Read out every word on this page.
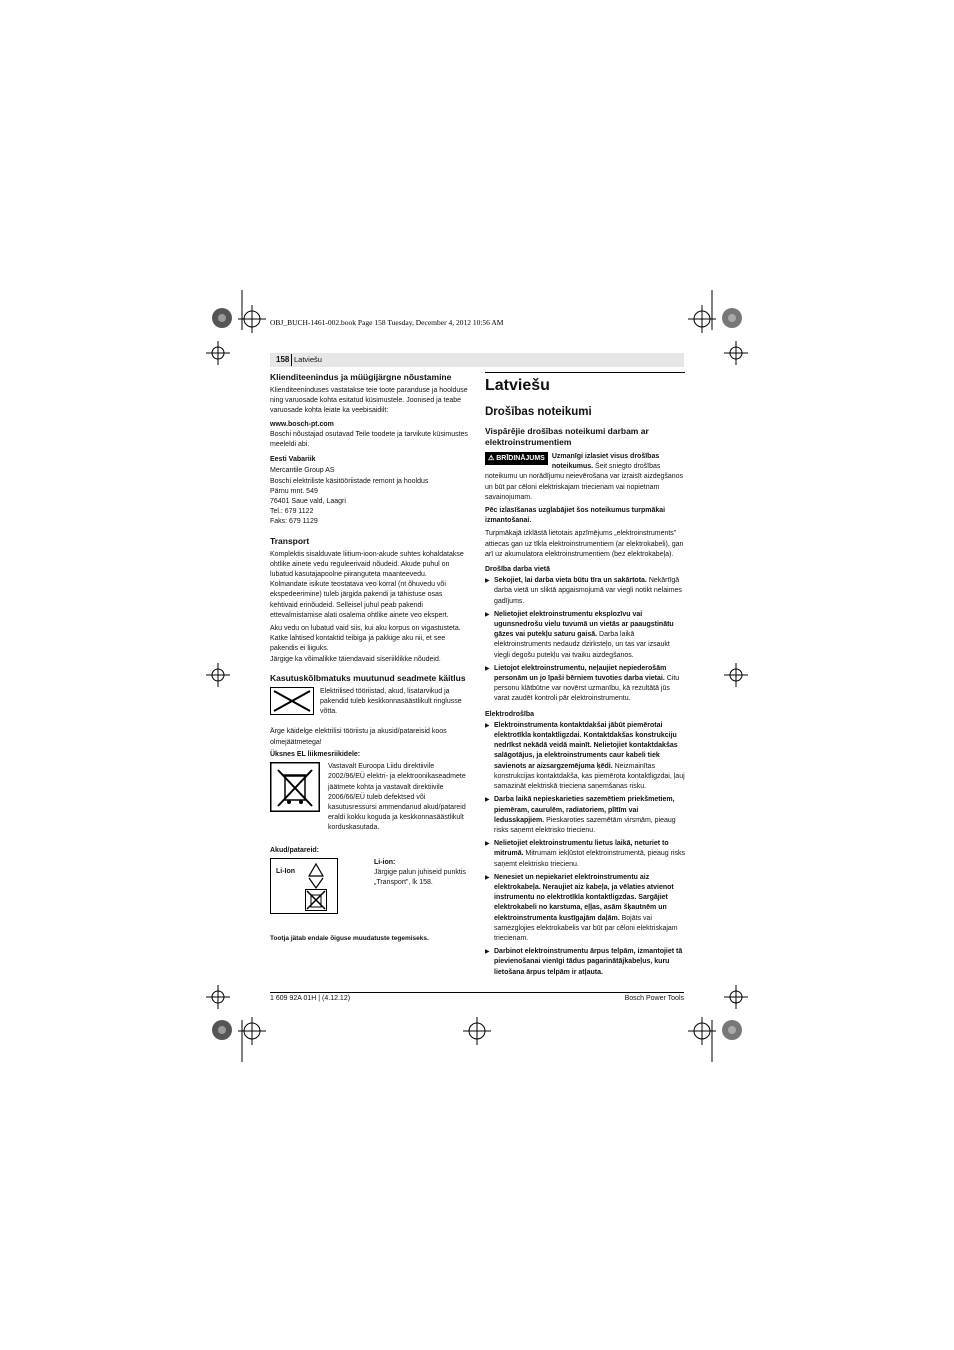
OBJ_BUCH-1461-002.book Page 158 Tuesday, December 4, 2012 10:56 AM
158 Latviešu
Klienditeenindus ja müügijärgne nõustamine

Klienditeeninduses vastatakse teie toote paranduse ja hoolduse ning varuosade kohta esitatud küsimustele. Joonised ja teabe varuosade kohta leiate ka veebisaidilt:

www.bosch-pt.com

Boschi nõustajad osutavad Teile toodete ja tarvikute küsimustes meeleldi abi.

Eesti Vabariik
Mercantile Group AS
Boschi elektriliste käsitööriistade remont ja hooldus
Pärnu mnt. 549
76401 Saue vald, Laagri
Tel.: 679 1122
Faks: 679 1129
Transport

Komplektis sisalduvate liitium-ioon-akude suhtes kohaldatakse ohtlike ainete vedu reguleerivaid nõudeid. Akude puhul on lubatud kasutajapoolne piiranguteta maanteevedu.

Kolmandate isikute teostatava veo korral (nt õhuvedu või ekspedeerimine) tuleb järgida pakendi ja tähistuse osas kehtivaid erinõudeid. Selleisel juhul peab pakendi ettevalmistamise alati osalema ohtlike ainete veo ekspert.

Aku vedu on lubatud vaid siis, kui aku korpus on vigastusteta. Katke lahtised kontaktid teibiga ja pakkige aku nii, et see pakendis ei liiguks.

Järgige ka võimalikke täiendavaid siseriiklikke nõudeid.

Kasutuskõlbmatuks muutunud seadmete käitlus
Elektrilised tööriistad, akud, lisatarvikud ja pakendid tuleb keskkonnasäästlikult ringlusse võtta.

Ärge käidelge elektrilisi tööriistu ja akusid/patareisid koos olmejäätmetega!

Üksnes EL liikmesriikidele:
Vastavalt Euroopa Liidu direktiivile 2002/96/EÜ elektri- ja elektroonikaseadmete jäätmete kohta ja vastavalt direktiivile 2006/66/EÜ tuleb defektsed või kasutusressursi ammendanud akud/patareid eraldi kokku koguda ja keskkonnasäästlikult korduskasutada.
Akud/patareid:
Li-Ion
Li-ion:
Järgige palun juhiseid punktis „Transport”, lk 158.
Tootja jätab endale õiguse muudatuste tegemiseks.
Latviešu
Drošības noteikumi
Vispārējie drošības noteikumi darbam ar elektroinstrumentiem

⚠ BRĪDINĀJUMS	Uzmanīgi izlasiet visus drošības noteikumus. Šeit sniegto drošības noteikumu un norādījumu neievērošana var izraisīt aizdegšanos un būt par cēloni elektriskajam triecienam vai nopietnam savainojumam.

Pēc izlasīšanas uzglabājiet šos noteikumus turpmākai izmantošanai.

Turpmākajā izklāstā lietotais apzīmējums „elektroinstruments” attiecas gan uz tīkla elektroinstrumentiem (ar elektrokabeli), gan arī uz akumulatora elektroinstrumentiem (bez elektrokabeļa).

Drošība darba vietā
▶ Sekojiet, lai darba vieta būtu tīra un sakārtota. Nekārtīgā darba vietā un sliktā apgaismojumā var viegli notikt nelaimes gadījums.
▶ Nelietojiet elektroinstrumentu eksplozīvu vai ugunsnedrošu vielu tuvumā un vietās ar paaugstinātu gāzes vai putekļu saturu gaisā. Darba laikā elektroinstruments nedaudz dzirksteļo, un tas var izsaukt viegli degošu putekļu vai tvaiku aizdegšanos.
▶ Lietojot elektroinstrumentu, neļaujiet nepiederošām personām un jo īpaši bērniem tuvoties darba vietai. Citu personu klātbūtne var novērst uzmanību, kā rezultātā jūs varat zaudēt kontroli pār elektroinstrumentu.
Elektrodrošība
▶ Elektroinstrumenta kontaktdakšai jābūt piemērotai elektrotīkla kontaktligzdai. Kontaktdakšas konstrukciju nedrīkst nekādā veidā mainīt. Nelietojiet kontaktdakšas salāgotājus, ja elektroinstruments caur kabeli tiek savienots ar aizsargzemējuma ķēdi. Neizmainītas konstrukcijas kontaktdakša, kas piemērota kontaktligzdai, ļauj samazināt elektriskā trieciena saņemšanas risku.
▶ Darba laikā nepieskarieties sazemētiem priekšmetiem, piemēram, caurulēm, radiatoriem, plītīm vai ledusskapjiem. Pieskaroties sazemētām virsmām, pieaug risks saņemt elektrisko triecienu.
▶ Nelietojiet elektroinstrumentu lietus laikā, neturiet to mitrumā. Mitrumam iekļūstot elektroinstrumentā, pieaug risks saņemt elektrisko triecienu.
▶ Nenesiet un nepiekariet elektroinstrumentu aiz elektrokabeļa. Neraujiet aiz kabeļa, ja vēlaties atvienot instrumentu no elektrotīkla kontaktligzdas. Sargājiet elektrokabeli no karstuma, eļļas, asām šķautnēm un elektroinstrumenta kustīgajām daļām. Bojāts vai samezglojies elektrokabelis var būt par cēloni elektriskajam triecienam.
▶ Darbinot elektroinstrumentu ārpus telpām, izmantojiet tā pievienošanai vienīgi tādus pagarinātājkabeļus, kuru lietošana ārpus telpām ir atļauta.
1 609 92A 01H | (4.12.12)	Bosch Power Tools
